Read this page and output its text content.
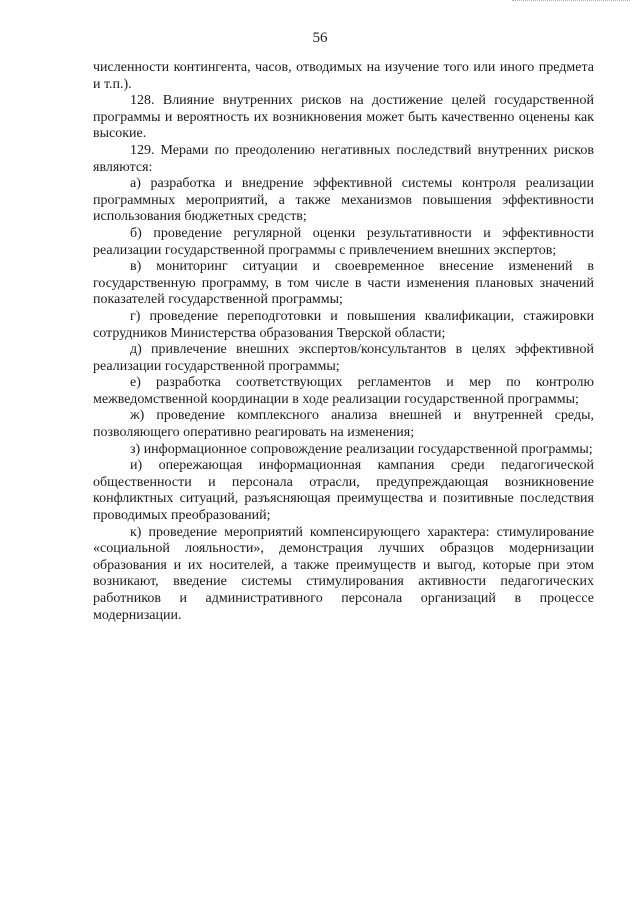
56

численности контингента, часов, отводимых на изучение того или иного предмета и т.п.).

128. Влияние внутренних рисков на достижение целей государственной программы и вероятность их возникновения может быть качественно оценены как высокие.

129. Мерами по преодолению негативных последствий внутренних рисков являются:

а) разработка и внедрение эффективной системы контроля реализации программных мероприятий, а также механизмов повышения эффективности использования бюджетных средств;

б) проведение регулярной оценки результативности и эффективности реализации государственной программы с привлечением внешних экспертов;

в) мониторинг ситуации и своевременное внесение изменений в государственную программу, в том числе в части изменения плановых значений показателей государственной программы;

г) проведение переподготовки и повышения квалификации, стажировки сотрудников Министерства образования Тверской области;

д) привлечение внешних экспертов/консультантов в целях эффективной реализации государственной программы;

е) разработка соответствующих регламентов и мер по контролю межведомственной координации в ходе реализации государственной программы;

ж) проведение комплексного анализа внешней и внутренней среды, позволяющего оперативно реагировать на изменения;

з) информационное сопровождение реализации государственной программы;

и) опережающая информационная кампания среди педагогической общественности и персонала отрасли, предупреждающая возникновение конфликтных ситуаций, разъясняющая преимущества и позитивные последствия проводимых преобразований;

к) проведение мероприятий компенсирующего характера: стимулирование «социальной лояльности», демонстрация лучших образцов модернизации образования и их носителей, а также преимуществ и выгод, которые при этом возникают, введение системы стимулирования активности педагогических работников и административного персонала организаций в процессе модернизации.
